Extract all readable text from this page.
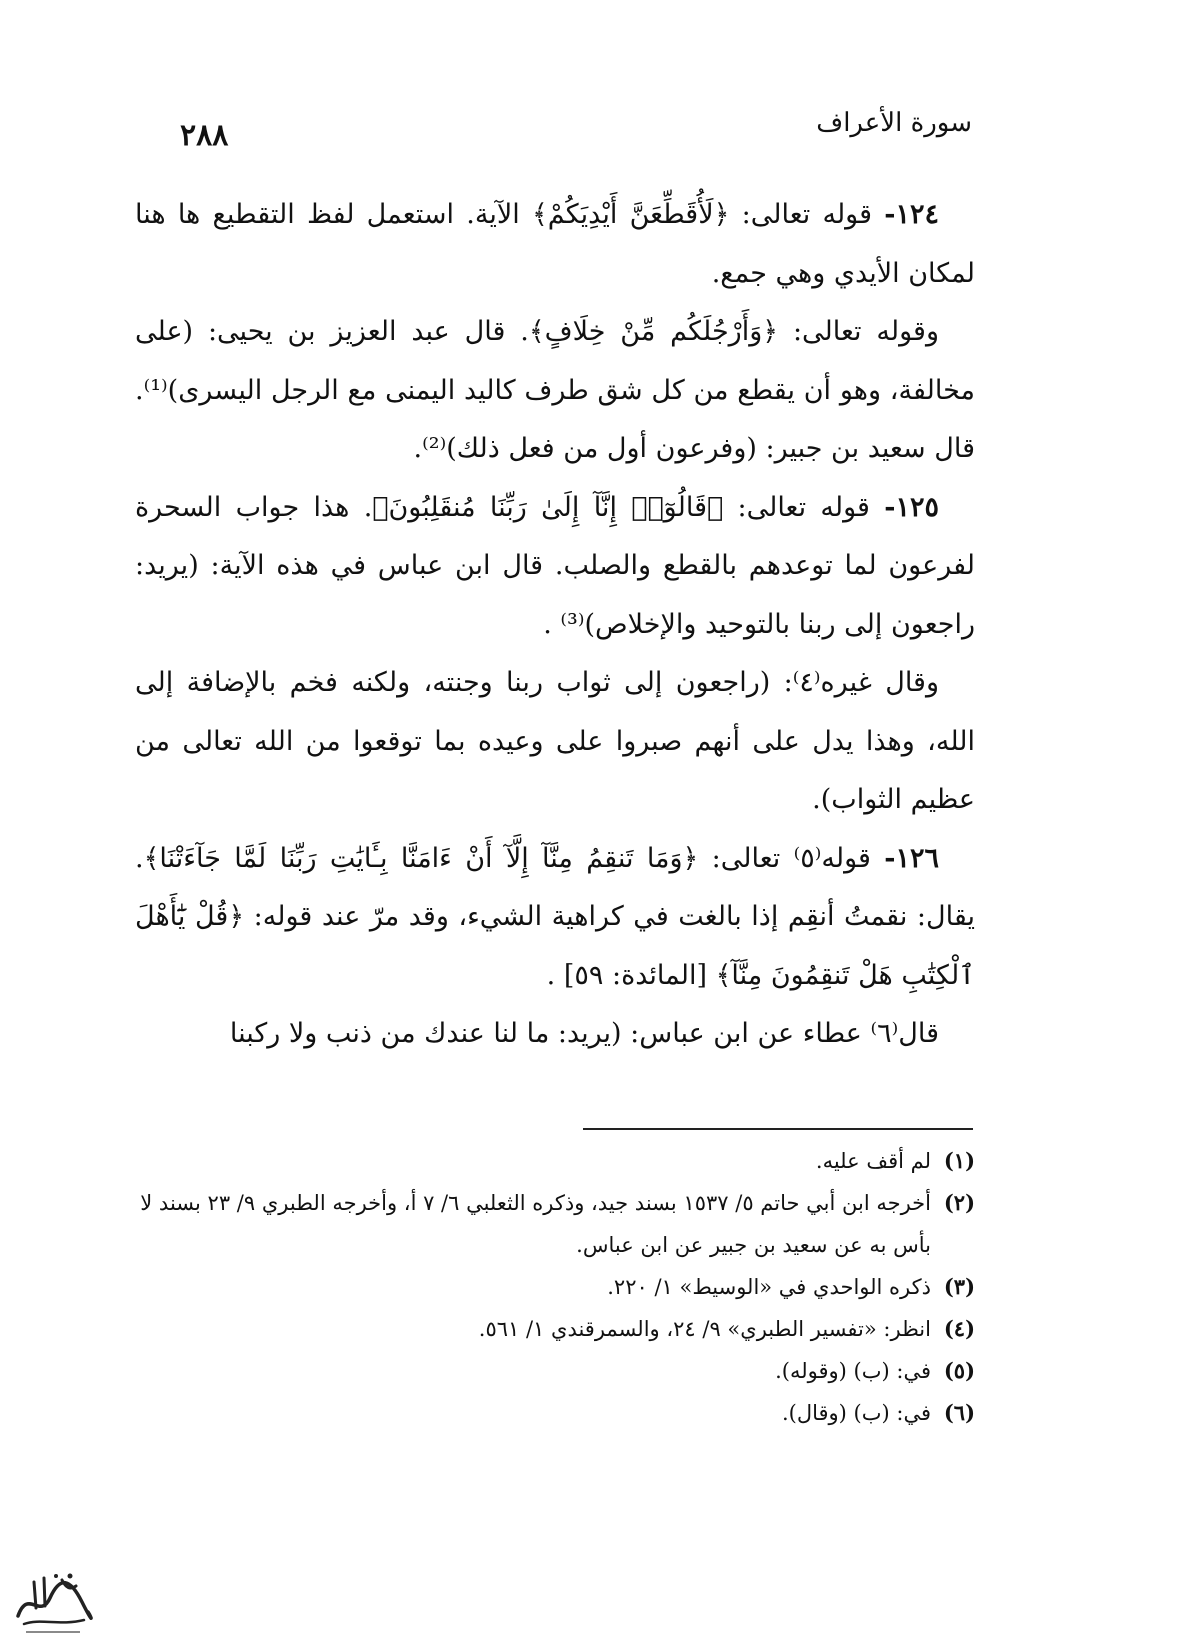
٢٨٨	سورة الأعراف

١٢٤- قوله تعالى: ﴿لَأُقَطِّعَنَّ أَيْدِيَكُمْ﴾ الآية. استعمل لفظ التقطيع ها هنا لمكان الأيدي وهي جمع.

وقوله تعالى: ﴿وَأَرْجُلَكُم مِّنْ خِلَافٍ﴾. قال عبد العزيز بن يحيى: (على مخالفة، وهو أن يقطع من كل شق طرف كاليد اليمنى مع الرجل اليسرى)⁽¹⁾. قال سعيد بن جبير: (وفرعون أول من فعل ذلك)⁽²⁾.

١٢٥- قوله تعالى: ﴿قَالُوٓا۟ إِنَّآ إِلَىٰ رَبِّنَا مُنقَلِبُونَ﴾. هذا جواب السحرة لفرعون لما توعدهم بالقطع والصلب. قال ابن عباس في هذه الآية: (يريد: راجعون إلى ربنا بالتوحيد والإخلاص)⁽³⁾ .

وقال غيره⁽٤⁾: (راجعون إلى ثواب ربنا وجنته، ولكنه فخم بالإضافة إلى الله، وهذا يدل على أنهم صبروا على وعيده بما توقعوا من الله تعالى من عظيم الثواب).

١٢٦- قوله⁽٥⁾ تعالى: ﴿وَمَا تَنقِمُ مِنَّآ إِلَّآ أَنْ ءَامَنَّا بِـَٔايَٰتِ رَبِّنَا لَمَّا جَآءَتْنَا﴾. يقال: نقمتُ أنقِم إذا بالغت في كراهية الشيء، وقد مرّ عند قوله: ﴿قُلْ يَٰٓأَهْلَ ٱلْكِتَٰبِ هَلْ تَنقِمُونَ مِنَّآ﴾ [المائدة: ٥٩] .

قال⁽٦⁾ عطاء عن ابن عباس: (يريد: ما لنا عندك من ذنب ولا ركبنا

(١)
لم أقف عليه.

(٢)
أخرجه ابن أبي حاتم ٥/ ١٥٣٧ بسند جيد، وذكره الثعلبي ٦/ ٧ أ، وأخرجه الطبري ٩/ ٢٣ بسند لا بأس به عن سعيد بن جبير عن ابن عباس.

(٣)
ذكره الواحدي في «الوسيط» ١/ ٢٢٠.

(٤)
انظر: «تفسير الطبري» ٩/ ٢٤، والسمرقندي ١/ ٥٦١.

(٥)
في: (ب) (وقوله).

(٦)
في: (ب) (وقال).
